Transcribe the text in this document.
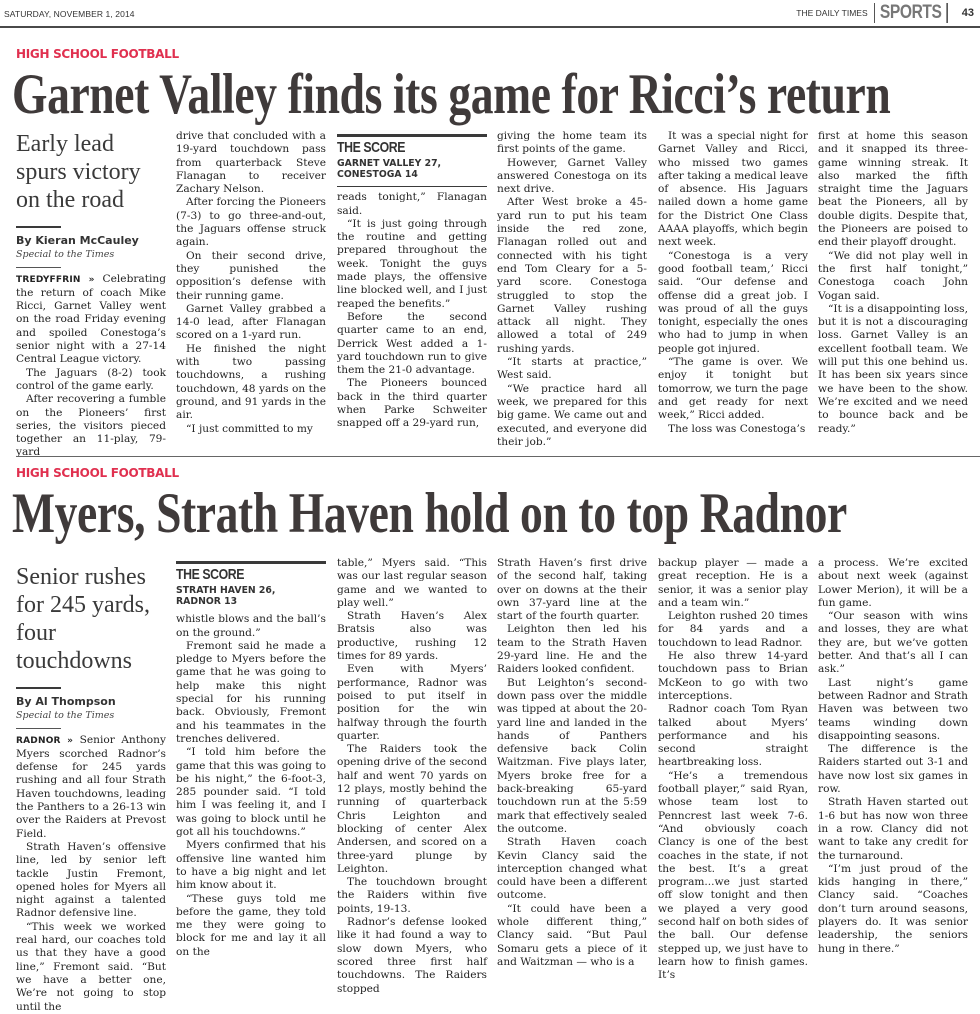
SATURDAY, NOVEMBER 1, 2014	THE DAILY TIMES SPORTS	43
HIGH SCHOOL FOOTBALL
Garnet Valley finds its game for Ricci’s return
Early lead spurs victory on the road
By Kieran McCauley
Special to the Times

TREDYFFRIN » Celebrating the return of coach Mike Ricci, Garnet Valley went on the road Friday evening and spoiled Conestoga’s senior night with a 27-14 Central League victory.

The Jaguars (8-2) took control of the game early.

After recovering a fumble on the Pioneers’ first series, the visitors pieced together an 11-play, 79-yard

drive that concluded with a 19-yard touchdown pass from quarterback Steve Flanagan to receiver Zachary Nelson.

After forcing the Pioneers (7-3) to go three-and-out, the Jaguars offense struck again.

On their second drive, they punished the opposition’s defense with their running game.

Garnet Valley grabbed a 14-0 lead, after Flanagan scored on a 1-yard run.

He finished the night with two passing touchdowns, a rushing touchdown, 48 yards on the ground, and 91 yards in the air.

“I just committed to my

THE SCORE
GARNET VALLEY 27,
CONESTOGA 14

reads tonight,” Flanagan said.

“It is just going through the routine and getting prepared throughout the week. Tonight the guys made plays, the offensive line blocked well, and I just reaped the benefits.”

Before the second quarter came to an end, Derrick West added a 1-yard touchdown run to give them the 21-0 advantage.

The Pioneers bounced back in the third quarter when Parke Schweiter snapped off a 29-yard run,

giving the home team its first points of the game.

However, Garnet Valley answered Conestoga on its next drive.

After West broke a 45-yard run to put his team inside the red zone, Flanagan rolled out and connected with his tight end Tom Cleary for a 5-yard score. Conestoga struggled to stop the Garnet Valley rushing attack all night. They allowed a total of 249 rushing yards.

“It starts at practice,” West said.

“We practice hard all week, we prepared for this big game. We came out and executed, and everyone did their job.”

It was a special night for Garnet Valley and Ricci, who missed two games after taking a medical leave of absence. His Jaguars nailed down a home game for the District One Class AAAA playoffs, which begin next week.

“Conestoga is a very good football team,’ Ricci said. “Our defense and offense did a great job. I was proud of all the guys tonight, especially the ones who had to jump in when people got injured.

“The game is over. We enjoy it tonight but tomorrow, we turn the page and get ready for next week,” Ricci added.

The loss was Conestoga’s

first at home this season and it snapped its three-game winning streak. It also marked the fifth straight time the Jaguars beat the Pioneers, all by double digits. Despite that, the Pioneers are poised to end their playoff drought.

“We did not play well in the first half tonight,” Conestoga coach John Vogan said.

“It is a disappointing loss, but it is not a discouraging loss. Garnet Valley is an excellent football team. We will put this one behind us. It has been six years since we have been to the show. We’re excited and we need to bounce back and be ready.”

HIGH SCHOOL FOOTBALL
Myers, Strath Haven hold on to top Radnor
Senior rushes for 245 yards, four touchdowns
By Al Thompson
Special to the Times

RADNOR » Senior Anthony Myers scorched Radnor’s defense for 245 yards rushing and all four Strath Haven touchdowns, leading the Panthers to a 26-13 win over the Raiders at Prevost Field.

Strath Haven’s offensive line, led by senior left tackle Justin Fremont, opened holes for Myers all night against a talented Radnor defensive line.

“This week we worked real hard, our coaches told us that they have a good line,” Fremont said. “But we have a better one, We’re not going to stop until the

THE SCORE
STRATH HAVEN 26,
RADNOR 13

whistle blows and the ball’s on the ground.”

Fremont said he made a pledge to Myers before the game that he was going to help make this night special for his running back. Obviously, Fremont and his teammates in the trenches delivered.

“I told him before the game that this was going to be his night,” the 6-foot-3, 285 pounder said. “I told him I was feeling it, and I was going to block until he got all his touchdowns.”

Myers confirmed that his offensive line wanted him to have a big night and let him know about it.

“These guys told me before the game, they told me they were going to block for me and lay it all on the

table,” Myers said. “This was our last regular season game and we wanted to play well.”

Strath Haven’s Alex Bratsis also was productive, rushing 12 times for 89 yards.

Even with Myers’ performance, Radnor was poised to put itself in position for the win halfway through the fourth quarter.

The Raiders took the opening drive of the second half and went 70 yards on 12 plays, mostly behind the running of quarterback Chris Leighton and blocking of center Alex Andersen, and scored on a three-yard plunge by Leighton.

The touchdown brought the Raiders within five points, 19-13.

Radnor’s defense looked like it had found a way to slow down Myers, who scored three first half touchdowns. The Raiders stopped

Strath Haven’s first drive of the second half, taking over on downs at the their own 37-yard line at the start of the fourth quarter.

Leighton then led his team to the Strath Haven 29-yard line. He and the Raiders looked confident.

But Leighton’s second-down pass over the middle was tipped at about the 20-yard line and landed in the hands of Panthers defensive back Colin Waitzman. Five plays later, Myers broke free for a back-breaking 65-yard touchdown run at the 5:59 mark that effectively sealed the outcome.

Strath Haven coach Kevin Clancy said the interception changed what could have been a different outcome.

“It could have been a whole different thing,” Clancy said. “But Paul Somaru gets a piece of it and Waitzman — who is a

backup player — made a great reception. He is a senior, it was a senior play and a team win.”

Leighton rushed 20 times for 84 yards and a touchdown to lead Radnor.

He also threw 14-yard touchdown pass to Brian McKeon to go with two interceptions.

Radnor coach Tom Ryan talked about Myers’ performance and his second straight heartbreaking loss.

“He’s a tremendous football player,” said Ryan, whose team lost to Penncrest last week 7-6. “And obviously coach Clancy is one of the best coaches in the state, if not the best. It’s a great program...we just started off slow tonight and then we played a very good second half on both sides of the ball. Our defense stepped up, we just have to learn how to finish games. It’s

a process. We’re excited about next week (against Lower Merion), it will be a fun game.

“Our season with wins and losses, they are what they are, but we’ve gotten better. And that’s all I can ask.”

Last night’s game between Radnor and Strath Haven was between two teams winding down disappointing seasons.

The difference is the Raiders started out 3-1 and have now lost six games in row.

Strath Haven started out 1-6 but has now won three in a row. Clancy did not want to take any credit for the turnaround.

“I’m just proud of the kids hanging in there,” Clancy said. “Coaches don’t turn around seasons, players do. It was senior leadership, the seniors hung in there.”
